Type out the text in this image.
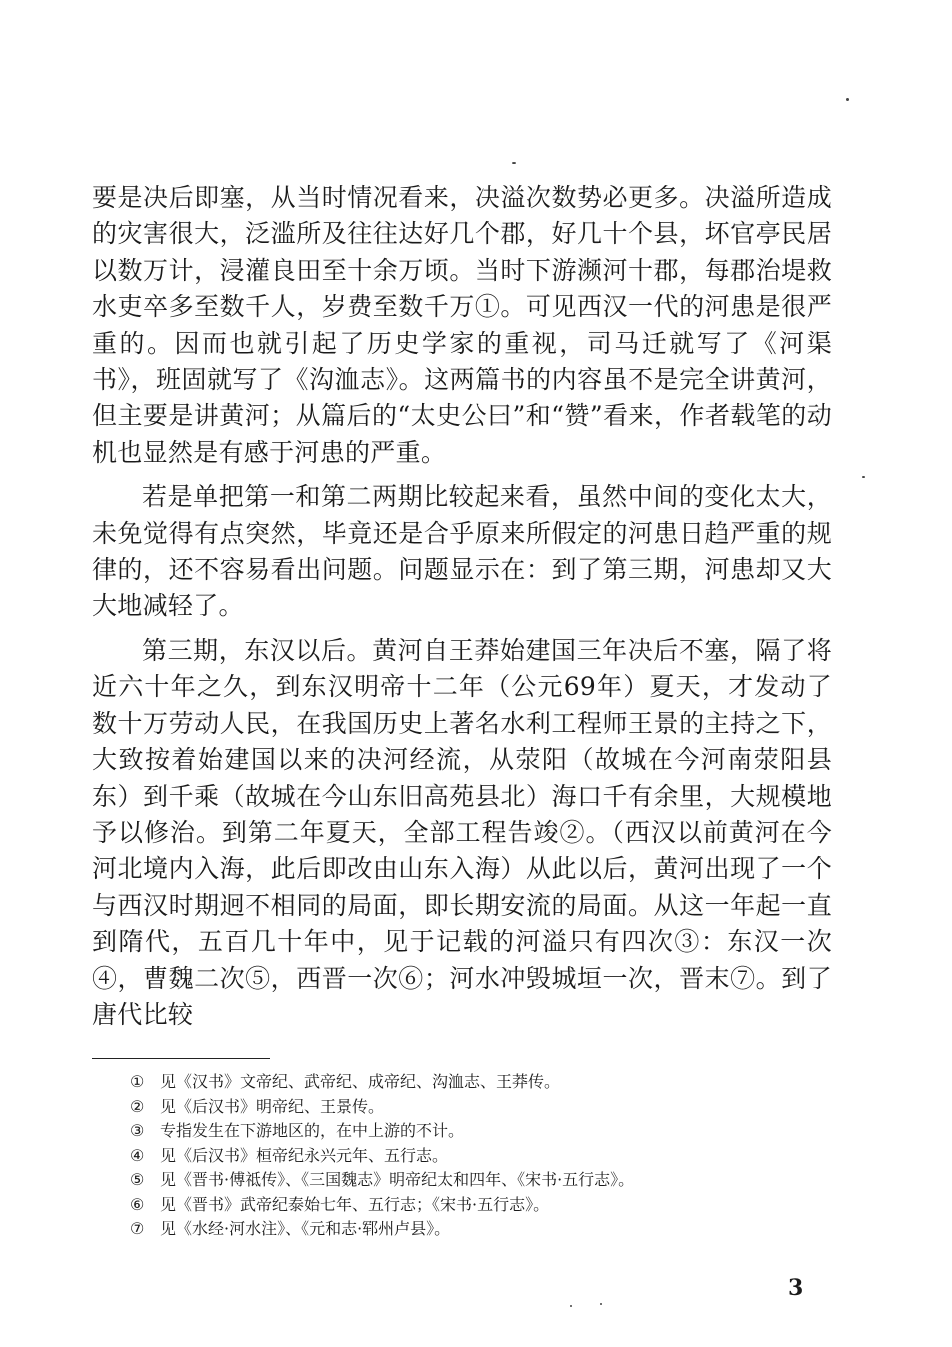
要是决后即塞，从当时情况看来，决溢次数势必更多。决溢所造成的灾害很大，泛滥所及往往达好几个郡，好几十个县，坏官亭民居以数万计，浸灌良田至十余万顷。当时下游濒河十郡，每郡治堤救水吏卒多至数千人，岁费至数千万①。可见西汉一代的河患是很严重的。因而也就引起了历史学家的重视，司马迁就写了《河渠书》，班固就写了《沟洫志》。这两篇书的内容虽不是完全讲黄河，但主要是讲黄河；从篇后的“太史公曰”和“赞”看来，作者载笔的动机也显然是有感于河患的严重。

若是单把第一和第二两期比较起来看，虽然中间的变化太大，未免觉得有点突然，毕竟还是合乎原来所假定的河患日趋严重的规律的，还不容易看出问题。问题显示在：到了第三期，河患却又大大地减轻了。

第三期，东汉以后。黄河自王莽始建国三年决后不塞，隔了将近六十年之久，到东汉明帝十二年（公元69年）夏天，才发动了数十万劳动人民，在我国历史上著名水利工程师王景的主持之下，大致按着始建国以来的决河经流，从荥阳（故城在今河南荥阳县东）到千乘（故城在今山东旧高苑县北）海口千有余里，大规模地予以修治。到第二年夏天，全部工程告竣②。（西汉以前黄河在今河北境内入海，此后即改由山东入海）从此以后，黄河出现了一个与西汉时期迥不相同的局面，即长期安流的局面。从这一年起一直到隋代，五百几十年中，见于记载的河溢只有四次③：东汉一次④，曹魏二次⑤，西晋一次⑥；河水冲毁城垣一次，晋末⑦。到了唐代比较

① 见《汉书》文帝纪、武帝纪、成帝纪、沟洫志、王莽传。
② 见《后汉书》明帝纪、王景传。
③ 专指发生在下游地区的，在中上游的不计。
④ 见《后汉书》桓帝纪永兴元年、五行志。
⑤ 见《晋书·傅祗传》、《三国魏志》明帝纪太和四年、《宋书·五行志》。
⑥ 见《晋书》武帝纪泰始七年、五行志；《宋书·五行志》。
⑦ 见《水经·河水注》、《元和志·郓州卢县》。
3
